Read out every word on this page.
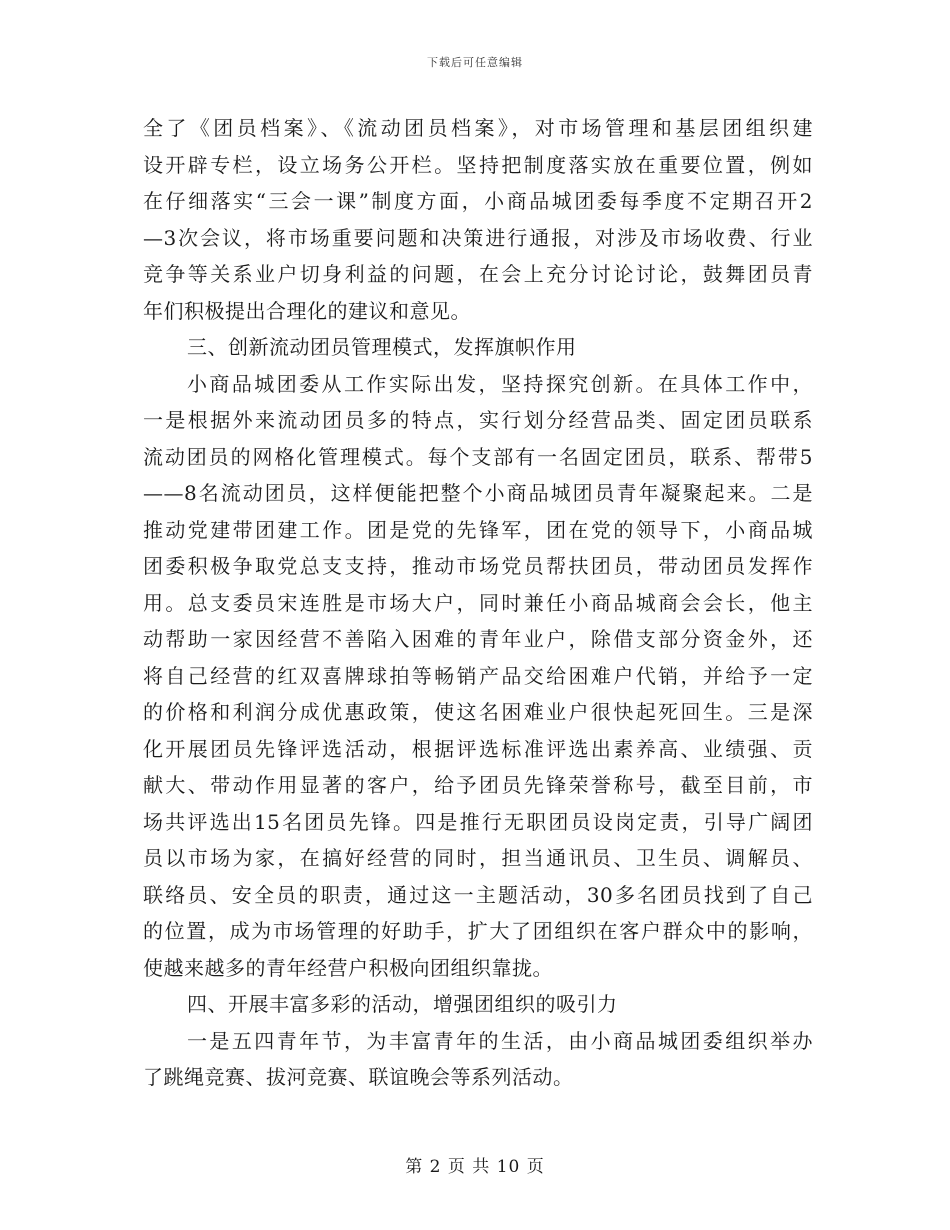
下载后可任意编辑
全了《团员档案》、《流动团员档案》，对市场管理和基层团组织建
设开辟专栏，设立场务公开栏。坚持把制度落实放在重要位置，例如
在仔细落实“三会一课”制度方面，小商品城团委每季度不定期召开2
—3次会议，将市场重要问题和决策进行通报，对涉及市场收费、行业
竞争等关系业户切身利益的问题，在会上充分讨论讨论，鼓舞团员青
年们积极提出合理化的建议和意见。
三、创新流动团员管理模式，发挥旗帜作用
小商品城团委从工作实际出发，坚持探究创新。在具体工作中，
一是根据外来流动团员多的特点，实行划分经营品类、固定团员联系
流动团员的网格化管理模式。每个支部有一名固定团员，联系、帮带5
——8名流动团员，这样便能把整个小商品城团员青年凝聚起来。二是
推动党建带团建工作。团是党的先锋军，团在党的领导下，小商品城
团委积极争取党总支支持，推动市场党员帮扶团员，带动团员发挥作
用。总支委员宋连胜是市场大户，同时兼任小商品城商会会长，他主
动帮助一家因经营不善陷入困难的青年业户，除借支部分资金外，还
将自己经营的红双喜牌球拍等畅销产品交给困难户代销，并给予一定
的价格和利润分成优惠政策，使这名困难业户很快起死回生。三是深
化开展团员先锋评选活动，根据评选标准评选出素养高、业绩强、贡
献大、带动作用显著的客户，给予团员先锋荣誉称号，截至目前，市
场共评选出15名团员先锋。四是推行无职团员设岗定责，引导广阔团
员以市场为家，在搞好经营的同时，担当通讯员、卫生员、调解员、
联络员、安全员的职责，通过这一主题活动，30多名团员找到了自己
的位置，成为市场管理的好助手，扩大了团组织在客户群众中的影响，
使越来越多的青年经营户积极向团组织靠拢。
四、开展丰富多彩的活动，增强团组织的吸引力
一是五四青年节，为丰富青年的生活，由小商品城团委组织举办
了跳绳竞赛、拔河竞赛、联谊晚会等系列活动。
第 2 页 共 10 页
